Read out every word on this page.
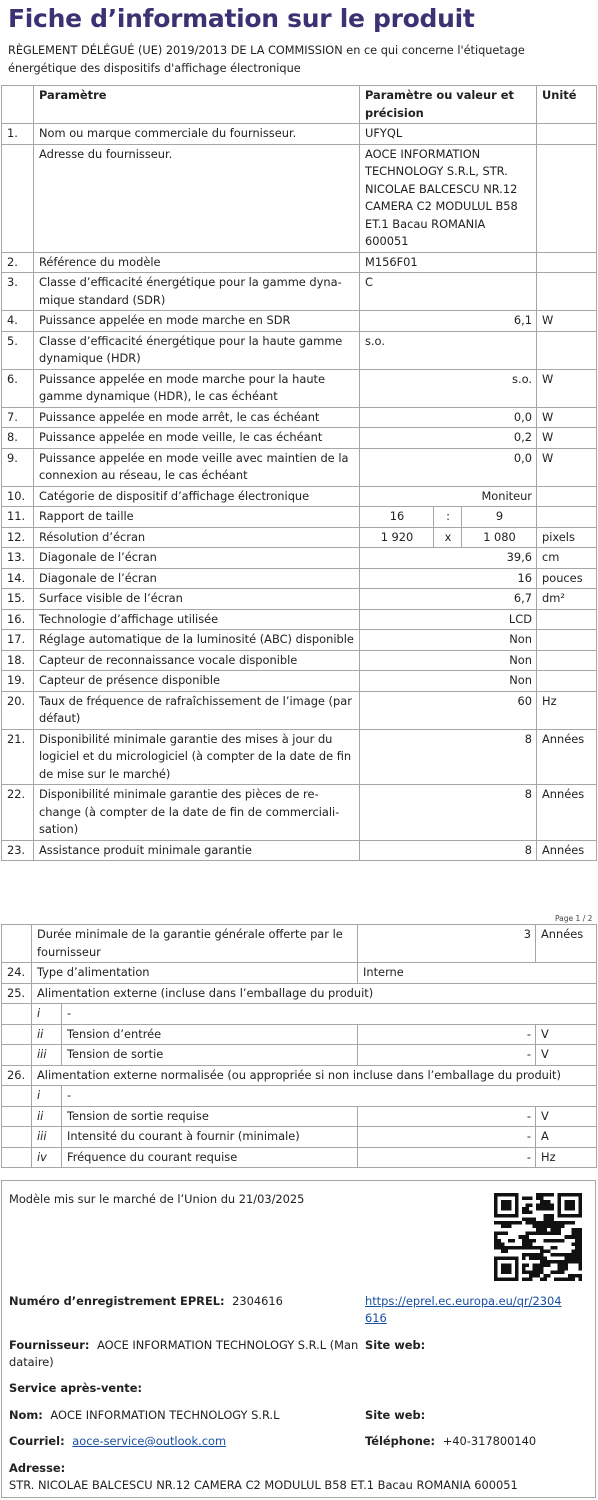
Fiche d’information sur le produit
RÈGLEMENT DÉLÉGUÉ (UE) 2019/2013 DE LA COMMISSION en ce qui concerne l'étiquetage énergétique des dispositifs d'affichage électronique
	Paramètre	Paramètre ou valeur et précision			Unité
1.	Nom ou marque commerciale du fournisseur.	UFYQL			
	Adresse du fournisseur.	AOCE INFORMATION TECHNOLOGY S.R.L, STR. NICOLAE BALCESCU NR.12 CAMERA C2 MODULUL B58 ET.1 Bacau ROMANIA 600051			
2.	Référence du modèle	M156F01			
3.	Classe d’efficacité énergétique pour la gamme dynamique standard (SDR)	C			
4.	Puissance appelée en mode marche en SDR	6,1			W
5.	Classe d’efficacité énergétique pour la haute gamme dynamique (HDR)	s.o.			
6.	Puissance appelée en mode marche pour la haute gamme dynamique (HDR), le cas échéant	s.o.			W
7.	Puissance appelée en mode arrêt, le cas échéant	0,0			W
8.	Puissance appelée en mode veille, le cas échéant	0,2			W
9.	Puissance appelée en mode veille avec maintien de la connexion au réseau, le cas échéant	0,0			W
10.	Catégorie de dispositif d’affichage électronique	Moniteur			
11.	Rapport de taille	16	:	9	
12.	Résolution d’écran	1 920	x	1 080	pixels
13.	Diagonale de l’écran	39,6			cm
14.	Diagonale de l’écran	16			pouces
15.	Surface visible de l’écran	6,7			dm²
16.	Technologie d’affichage utilisée	LCD			
17.	Réglage automatique de la luminosité (ABC) disponible	Non			
18.	Capteur de reconnaissance vocale disponible	Non			
19.	Capteur de présence disponible	Non			
20.	Taux de fréquence de rafraîchissement de l’image (par défaut)	60			Hz
21.	Disponibilité minimale garantie des mises à jour du logiciel et du micrologiciel (à compter de la date de fin de mise sur le marché)	8			Années
22.	Disponibilité minimale garantie des pièces de rechange (à compter de la date de fin de commercialisation)	8			Années
23.	Assistance produit minimale garantie	8			Années
Page 1 / 2
	Durée minimale de la garantie générale offerte par le fournisseur		3	Années
24.	Type d’alimentation		Interne	
25.	Alimentation externe (incluse dans l’emballage du produit)			
	i	-		
	ii	Tension d’entrée	-	V
	iii	Tension de sortie	-	V
26.	Alimentation externe normalisée (ou appropriée si non incluse dans l’emballage du produit)			
	i	-		
	ii	Tension de sortie requise	-	V
	iii	Intensité du courant à fournir (minimale)	-	A
	iv	Fréquence du courant requise	-	Hz
Modèle mis sur le marché de l’Union du 21/03/2025
Numéro d’enregistrement EPREL: 2304616	https://eprel.ec.europa.eu/qr/2304616
Fournisseur: AOCE INFORMATION TECHNOLOGY S.R.L (Mandataire)
Site web:
Service après-vente:
Nom: AOCE INFORMATION TECHNOLOGY S.R.L	Site web:
Courriel: aoce-service@outlook.com	Téléphone: +40-317800140
Adresse:
STR. NICOLAE BALCESCU NR.12 CAMERA C2 MODULUL B58 ET.1 Bacau ROMANIA 600051
